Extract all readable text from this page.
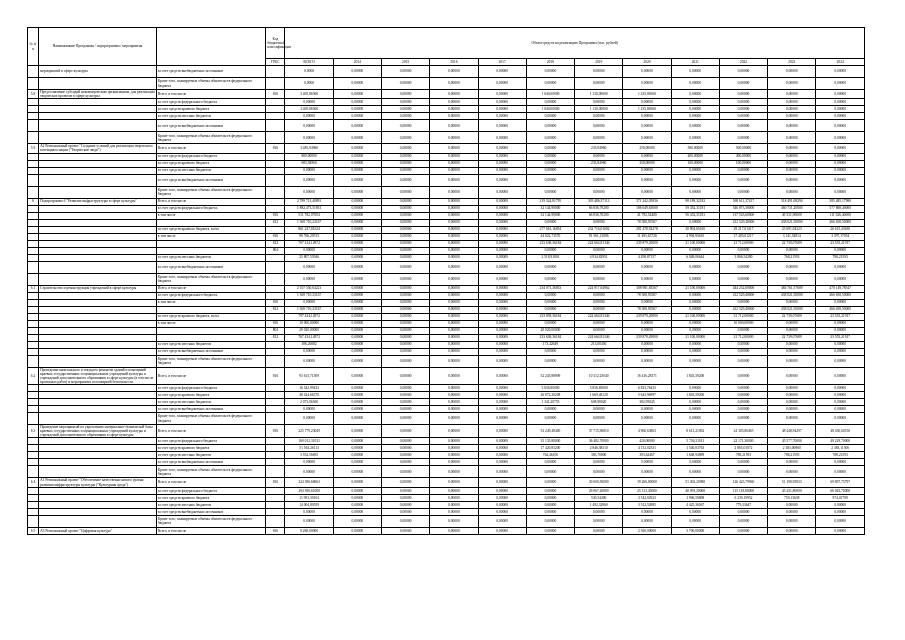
№ п/п	Наименование Программы / подпрограммы / мероприятия		Код бюджетной классификации	Объем средств на реализацию Программы (тыс. рублей)											
			ГРБС	ВСЕГО	2014	2015	2016	2017	2018	2019	2020	2021	2022	2023	2024
	мероприятий в сфере культуры	за счет средств внебюджетных источников		0,0000	0,00000	0,00000	0,00000	0,00000	0,00000	0,00000	0,00000	0,00000	0,00000	0,00000	0,00000
		Кроме того, планируемые объемы обязательств федерального бюджета		0,0000	0,00000	0,00000	0,00000	0,00000	0,00000	0,00000	0,00000	0,00000	0,00000	0,00000	0,00000
5.8	Предоставление субсидий некоммерческим организациям, для реализации творческих проектов в сфере культуры	Всего, в том числе	816	3 405,86560	0,00000	0,00000	0,00000	0,00000	1 040,00000	1 130,00000	1 235,86560	0,00000	0,00000	0,00000	0,00000
		за счет средств федерального бюджета		0,00000	0,00000	0,00000	0,00000	0,00000	0,00000	0,00000	0,00000	0,00000	0,00000	0,00000	0,00000
		за счет средств краевого бюджета		3 405,86560	0,00000	0,00000	0,00000	0,00000	1 040,00000	1 130,00000	1 235,86560	0,00000	0,00000	0,00000	0,00000
		за счет средств местных бюджетов		0,00000	0,00000	0,00000	0,00000	0,00000	0,00000	0,00000	0,00000	0,00000	0,00000	0,00000	0,00000
		за счет средств внебюджетных источников		0,00000	0,00000	0,00000	0,00000	0,00000	0,00000	0,00000	0,00000	0,00000	0,00000	0,00000	0,00000
		Кроме того, планируемые объемы обязательств федерального бюджета		0,00000	0,00000	0,00000	0,00000	0,00000	0,00000	0,00000	0,00000	0,00000	0,00000	0,00000	0,00000
5.9	А2 Региональный проект "Создание условий для реализации творческого потенциала нации ("Творческие люди")	Всего, в том числе	816	3 483,94960	0,00000	0,00000	0,00000	0,00000	0,00000	233,94960	250,00000	500,00000	500,00000	0,00000	0,00000
		за счет средств федерального бюджета		800,00000	0,00000	0,00000	0,00000	0,00000	0,00000	0,00000	0,00000	400,00000	400,00000	0,00000	0,00000
		за счет средств краевого бюджета		683,94960	0,00000	0,00000	0,00000	0,00000	0,00000	233,94960	250,00000	100,00000	100,00000	0,00000	0,00000
		за счет средств местных бюджетов		0,00000	0,00000	0,00000	0,00000	0,00000	0,00000	0,00000	0,00000	0,00000	0,00000	0,00000	0,00000
		за счет средств внебюджетных источников		0,00000	0,00000	0,00000	0,00000	0,00000	0,00000	0,00000	0,00000	0,00000	0,00000	0,00000	0,00000
		Кроме того, планируемые объемы обязательств федерального бюджета		0,00000	0,00000	0,00000	0,00000	0,00000	0,00000	0,00000	0,00000	0,00000	0,00000	0,00000	0,00000
6	Подпрограмма 6 "Развитие инфраструктуры в сфере культуры"	Всего, в том числе		2 789 713,40891	0,00000	0,00000	0,00000	0,00000	219 324,81795	303 486,37113	371 242,05836	98 189,32182	569 611,37417	518 491,08294	585 485,17980
		за счет средств федерального бюджета,		1 882,473,51831	0,00000	0,00000	0,00000	0,00000	32 144,90000	66 836,70200	186 649,65000	59 452,31181	546 873,38000	460 731,20000	577 868,40000
		в том числе	816	511 782,07004	0,00000	0,00000	0,00000	0,00000	32 144,90000	66 836,70200	41 792,54400	56 452,31181	137 543,60000	49 331,90000	111 026,40000
			812	1 369 710,23167	0,00000	0,00000	0,00000	0,00000	0,00000	0,00000	78 508,93567	0,00000	412 529,48000	438 021,50000	466 658,50000
		за счет средств краевого бюджета, всего		861 237,81624	0,00000	0,00000	0,00000	0,00000	277 661,16854	232 716,01002	281 478,92278	20 894,65610	29 217,01417	25 691,94323	26 615,43630
		в том числе	816	98 766,29515	0,00000	0,00000	0,00000	0,00000	44 022,73570	91 361,13006	11 495,63728	4 994,93610	17 405,01217	3 141,54814	3 397,17054
			812	767 414,14972	0,00000	0,00000	0,00000	0,00000	233 638,36184	224 664,81346	239 879,29000	21 100,00000	21 712,00000	22 739,07689	23 555,21917
			804	0,00000	0,00000	0,00000	0,00000	0,00000	0,00000	0,00000	0,00000	0,00000	0,00000	0,00000	0,00000
		за счет средств местных бюджетов		25 807,53946	0,00000	0,00000	0,00000	0,00000	2 518,91801	4 934,82951	4 298,87157	6 048,06644	3 866,54280	768,21593	788,21593
		за счет средств внебюджетных источников		0,00000	0,00000	0,00000	0,00000	0,00000	0,00000	0,00000	0,00000	0,00000	0,00000	0,00000	0,00000
		Кроме того, планируемые объемы обязательств федерального бюджета		0,00000	0,00000	0,00000	0,00000	0,00000	0,00000	0,00000	0,00000	0,00000	0,00000	0,00000	0,00000
6.1	Строительство и реконструкция учреждений в сфере культуры	Всего, в том числе		2 107 530,64221	0,00000	0,00000	0,00000	0,00000	234 071,36833	224 917,64962	308 981,83567	21 100,00000	444 232,00000	484 761,57689	470 149,78547
		за счет средств федерального бюджета,		1 369 710,23167	0,00000	0,00000	0,00000	0,00000	0,00000	0,00000	78 508,93567	0,00000	412 529,48000	438 021,50000	466 658,50000
		в том числе	816	0,00000	0,00000	0,00000	0,00000	0,00000	0,00000	0,00000	0,00000	0,00000	0,00000	0,00000	0,00000
			812	1 369 710,23167	0,00000	0,00000	0,00000	0,00000	0,00000	0,00000	78 508,93567	0,00000	412 529,48000	438 021,50000	466 658,50000
		за счет средств краевого бюджета, всего		797 434,14972	0,00000	0,00000	0,00000	0,00000	233 858,36184	224 664,81346	239 879,29000	21 100,00000	31 712,00000	22 739,07689	23 555,21917
		в том числе	816	10 000,00000	0,00000	0,00000	0,00000	0,00000	0,00000	0,00000	0,00000	0,00000	10 000,00000	0,00000	0,00000
			804	20 020,00000	0,00000	0,00000	0,00000	0,00000	20 020,00000	0,00000	0,00000	0,00000	0,00000	0,00000	0,00000
			812	767 414,14972	0,00000	0,00000	0,00000	0,00000	233 638,36184	224 664,81346	239 879,29000	21 100,00000	21 712,00000	22 739,07689	23 555,21917
		за счет средств местных бюджетов		386,26082	0,00000	0,00000	0,00000	0,00000	173,42649	213,00456	0,00000	0,00000	0,00000	0,00000	0,00000
		за счет средств внебюджетных источников		0,00000	0,00000	0,00000	0,00000	0,00000	0,00000	0,00000	0,00000	0,00000	0,00000	0,00000	0,00000
		Кроме того, планируемые объемы обязательств федерального бюджета		0,00000	0,00000	0,00000	0,00000	0,00000	0,00000	0,00000	0,00000	0,00000	0,00000	0,00000	0,00000
6.2	Проведение капитального и текущего ремонтов зданий и помещений краевых государственных и муниципальных учреждений культуры и учреждений дополнительного образования в сфере культуры (в том числе проектных работ) и мероприятия по пожарной безопасности	Всего, в том числе	816	93 613,71509	0,00000	0,00000	0,00000	0,00000	52 245,88909	10 312,25040	16 416,28371	1 843,59200	0,00000	0,00000	0,00000
		за счет средств федерального бюджета		16 542,99433	0,00000	0,00000	0,00000	0,00000	3 836,80000	5 836,85000	6 823,76433	0,00000	0,00000	0,00000	0,00000
		за счет средств краевого бюджета		48 424,66370	0,00000	0,00000	0,00000	0,00000	26 872,20208	1 669,48120	5 643,96997	1 843,59200	0,00000	0,00000	0,00000
		за счет средств местных бюджетов		2 073,06560	0,00000	0,00000	0,00000	0,00000	1 341,20755	608,98020	382,95845	0,00000	0,00000	0,00000	0,00000
		за счет средств внебюджетных источников		0,00000	0,00000	0,00000	0,00000	0,00000	0,00000	0,00000	0,00000	0,00000	0,00000	0,00000	0,00000
		Кроме того, планируемые объемы обязательств федерального бюджета		0,00000	0,00000	0,00000	0,00000	0,00000	0,00000	0,00000	0,00000	0,00000	0,00000	0,00000	0,00000
6.3	Проведение мероприятий по укреплению материально-технической базы краевых государственных и муниципальных учреждений культуры и учреждений дополнительного образования в сфере культуры	Всего, в том числе	816	225 779,23049	0,00000	0,00000	0,00000	0,00000	53 249,48400	37 715,96810	4 966,63863	8 613,21002	24 305,86465	48 448,94297	48 430,60150
		за счет средств федерального бюджета		169 012,31031	0,00000	0,00000	0,00000	0,00000	35 135,80000	36 482,70000	420,00000	5 736,31181	22 171,30000	45 577,70000	49 229,70000
		за счет средств краевого бюджета		51 563,26113	0,00000	0,00000	0,00000	0,00000	17 420,83200	2 846,38310	4 152,02531	1 540,03763	2 865,01072	2 383,00860	2 383,11506
		за счет средств местных бюджетов		3 552,56695	0,00000	0,00000	0,00000	0,00000	764,46100	383,70800	393,62467	1 648,94889	788,21593	788,21593	788,21593
		за счет средств внебюджетных источников		0,00000	0,00000	0,00000	0,00000	0,00000	0,00000	0,00000	0,00000	0,00000	0,00000	0,00000	0,00000
		Кроме того, планируемые объемы обязательств федерального бюджета		0,00000	0,00000	0,00000	0,00000	0,00000	0,00000	0,00000	0,00000	0,00000	0,00000	0,00000	0,00000
6.4	А1 Региональный проект "Обеспечение качественно нового уровня развития инфраструктуры культуры ("Культурная среда")	Всего, в том числе	816	324 396,68663	0,00000	0,00000	0,00000	0,00000	0,00000	30 600,50000	39 266,00000	51 302,20980	126 423,79960	51 190,95833	69 807,75797
		за счет средств федерального бюджета		294 396,61000	0,00000	0,00000	0,00000	0,00000	0,00000	29 067,20000	25 513,45000	48 093,20000	115 118,80000	45 431,80000	66 043,70000
		за счет средств краевого бюджета		11 993,30104	0,00000	0,00000	0,00000	0,00000	0,00000	530,54490	3 542,02923	1 996,59808	6 239,19952	759,13638	974,01799
		за счет средств местных бюджетов		14 004,99559	0,00000	0,00000	0,00000	0,00000	0,00000	1 492,32960	3 512,52885	4 425,36567	779,33647	0,00000	0,00000
		за счет средств внебюджетных источников		0,00000	0,00000	0,00000	0,00000	0,00000	0,00000	0,00000	0,00000	0,00000	0,00000	0,00000	0,00000
		Кроме того, планируемые объемы обязательств федерального бюджета		0,00000	0,00000	0,00000	0,00000	0,00000	0,00000	0,00000	0,00000	0,00000	0,00000	0,00000	0,00000
6.5	А3 Региональный проект "Цифровая культура"	Всего, в том числе	816	9 260,00000	0,00000	0,00000	0,00000	0,00000	0,00000	0,00000	2 560,00000	3 700,00000	0,00000	0,00000	0,00000
